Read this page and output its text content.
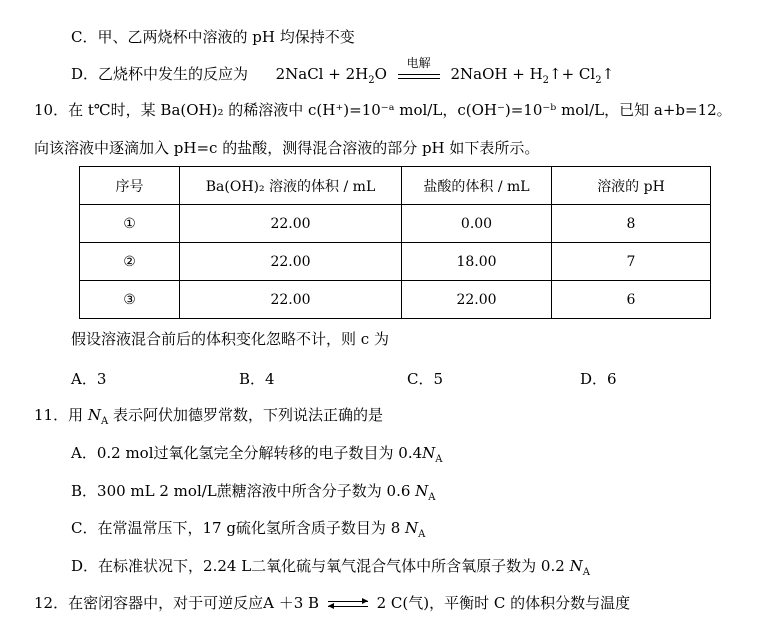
C．甲、乙两烧杯中溶液的 pH 均保持不变
D．乙烧杯中发生的反应为 2NaCl + $2H_2O$
电解
2NaOH + $H_2↑+$ $Cl_2↑$
10．在 t℃时，某 Ba(OH)₂ 的稀溶液中 c(H⁺)=10⁻ᵃ mol/L，c(OH⁻)=10⁻ᵇ mol/L，已知 a+b=12。
向该溶液中逐滴加入 pH=c 的盐酸，测得混合溶液的部分 pH 如下表所示。
序号	Ba(OH)₂ 溶液的体积 / mL	盐酸的体积 / mL	溶液的 pH
①	22.00	0.00	8
②	22.00	18.00	7
③	22.00	22.00	6
假设溶液混合前后的体积变化忽略不计，则 c 为
A．3	B．4	C．5	D．6
11．用 $N_A$ 表示阿伏加德罗常数，下列说法正确的是
A．0.2 mol过氧化氢完全分解转移的电子数目为 $0.4N_A$
B．300 mL 2 mol/L蔗糖溶液中所含分子数为 0.6 $N_A$
C．在常温常压下，17 g硫化氢所含质子数目为 8 $N_A$
D．在标准状况下，2.24 L二氧化硫与氧气混合气体中所含氧原子数为 0.2 $N_A$
12．在密闭容器中，对于可逆反应A ＋3 B ⇌ 2 C(气)，平衡时 C 的体积分数与温度
